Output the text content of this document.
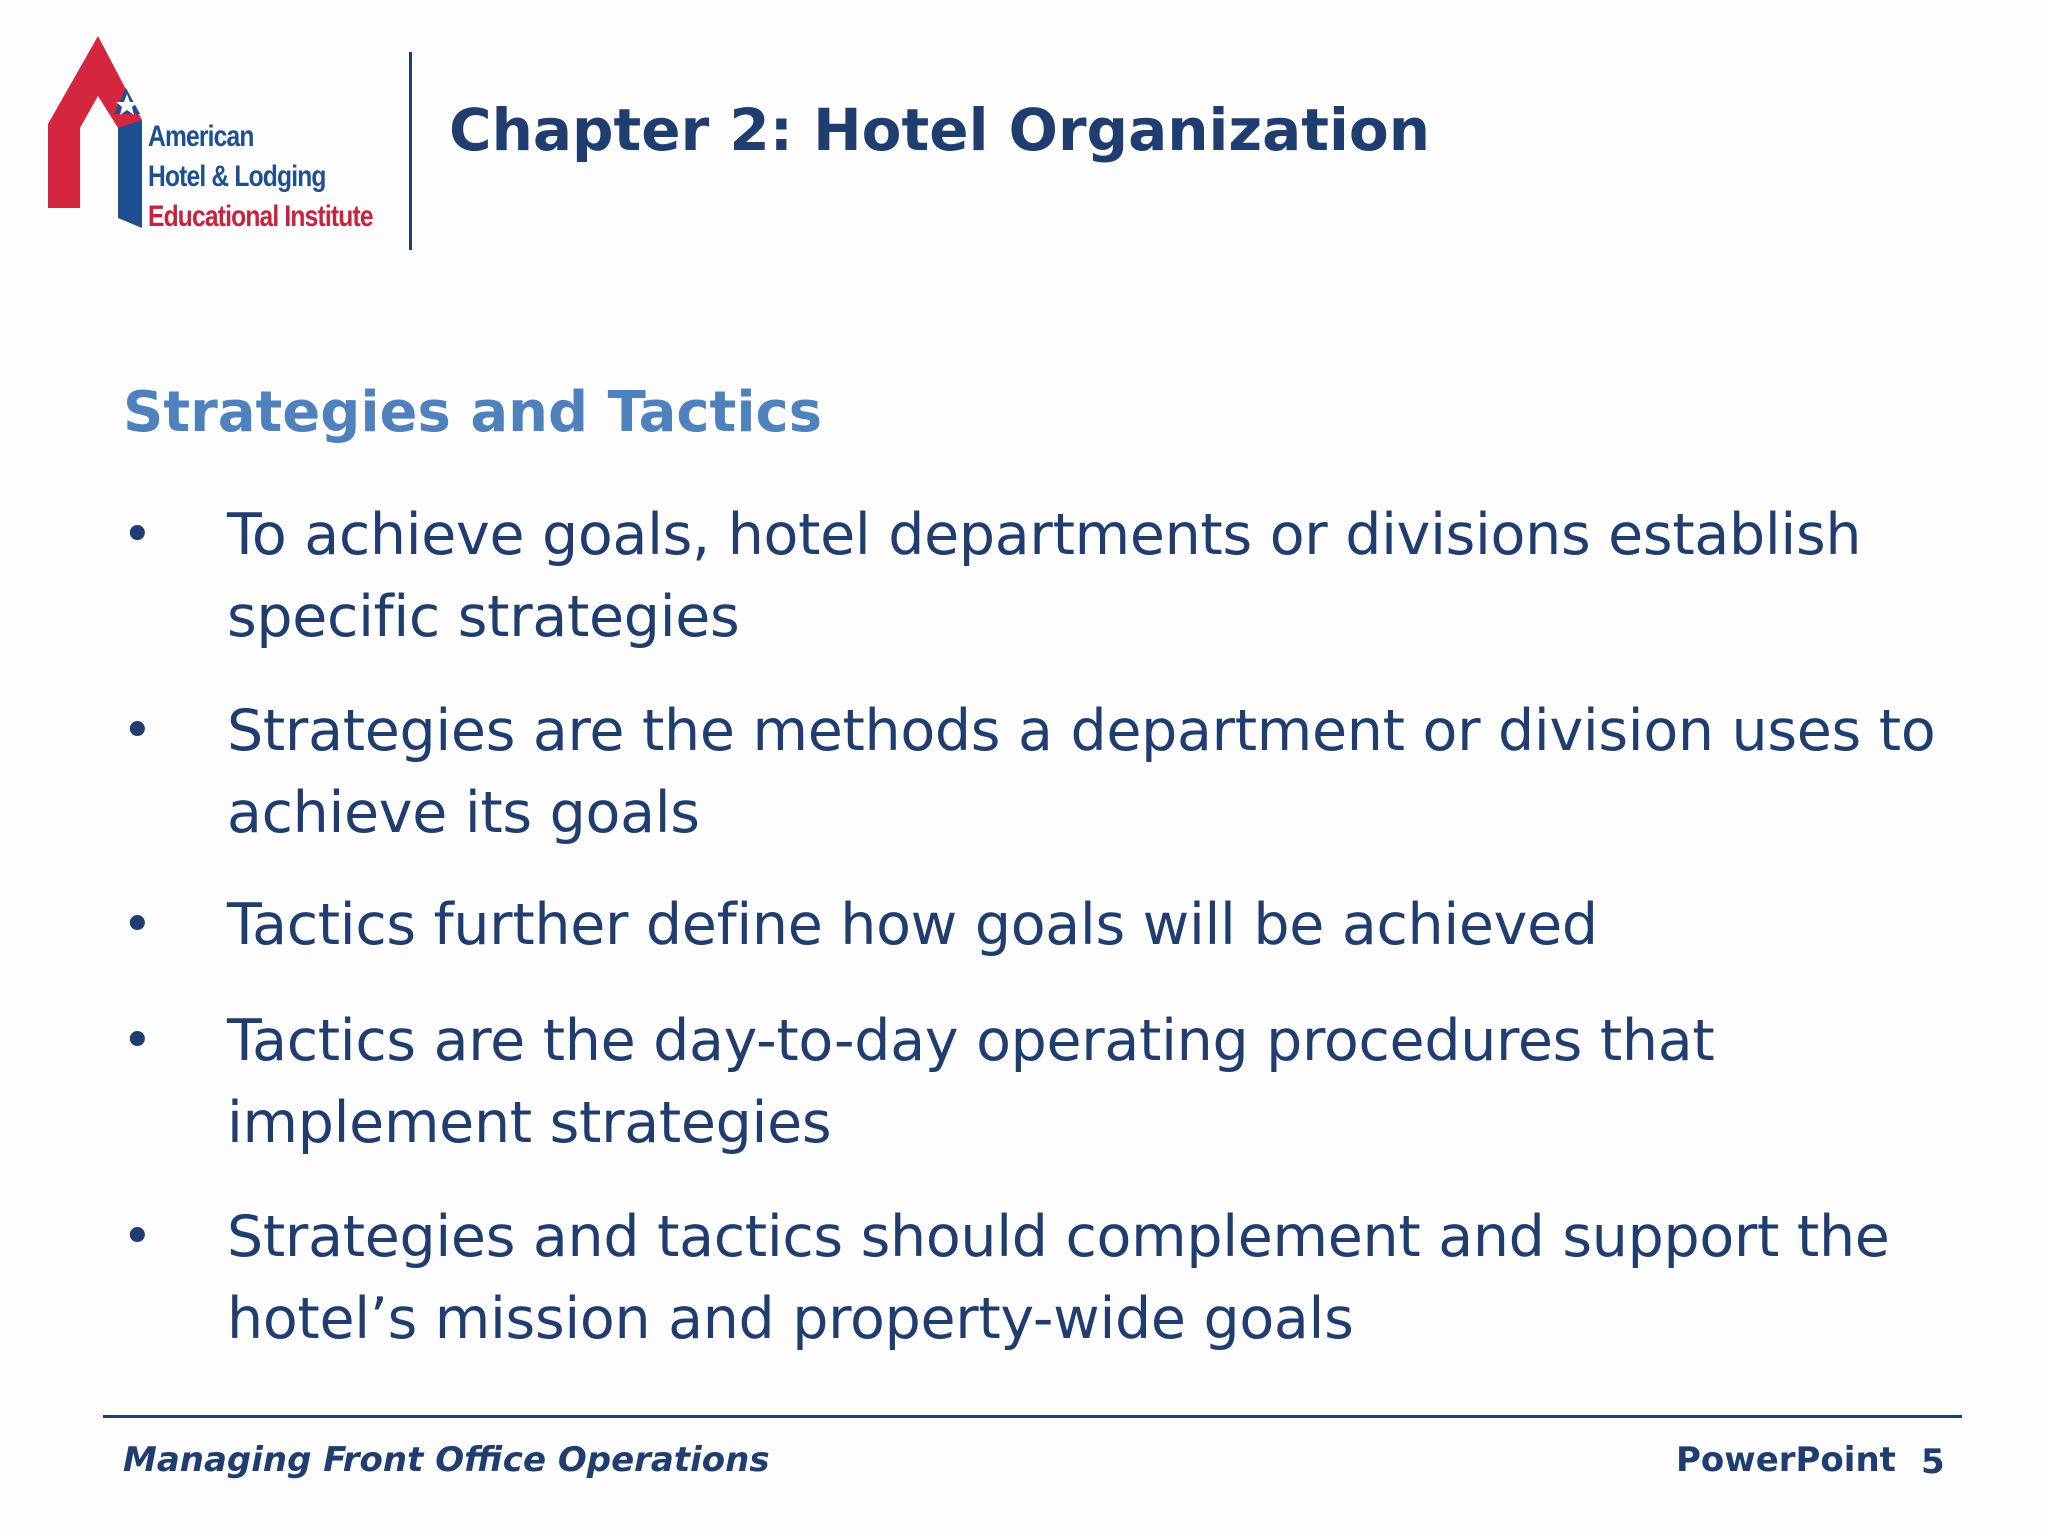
American
Hotel & Lodging
Educational Institute
Chapter 2: Hotel Organization
Strategies and Tactics
• To achieve goals, hotel departments or divisions establish specific strategies
• Strategies are the methods a department or division uses to achieve its goals
• Tactics further define how goals will be achieved
• Tactics are the day-to-day operating procedures that implement strategies
• Strategies and tactics should complement and support the hotel’s mission and property-wide goals
Managing Front Office Operations	PowerPoint 5
